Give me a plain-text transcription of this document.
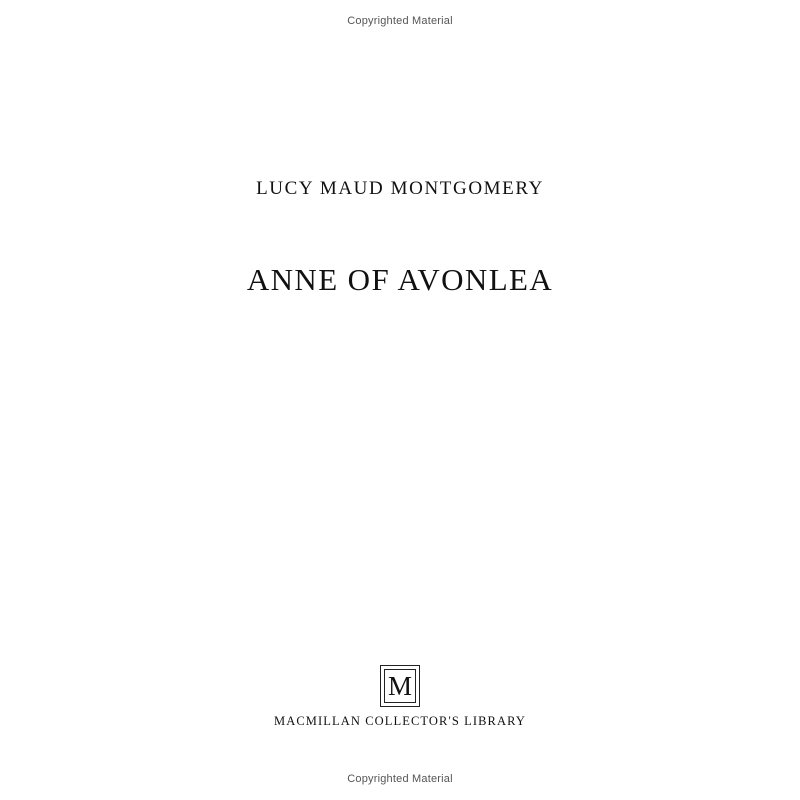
Copyrighted Material
LUCY MAUD MONTGOMERY
ANNE OF AVONLEA
M
MACMILLAN COLLECTOR'S LIBRARY
Copyrighted Material
